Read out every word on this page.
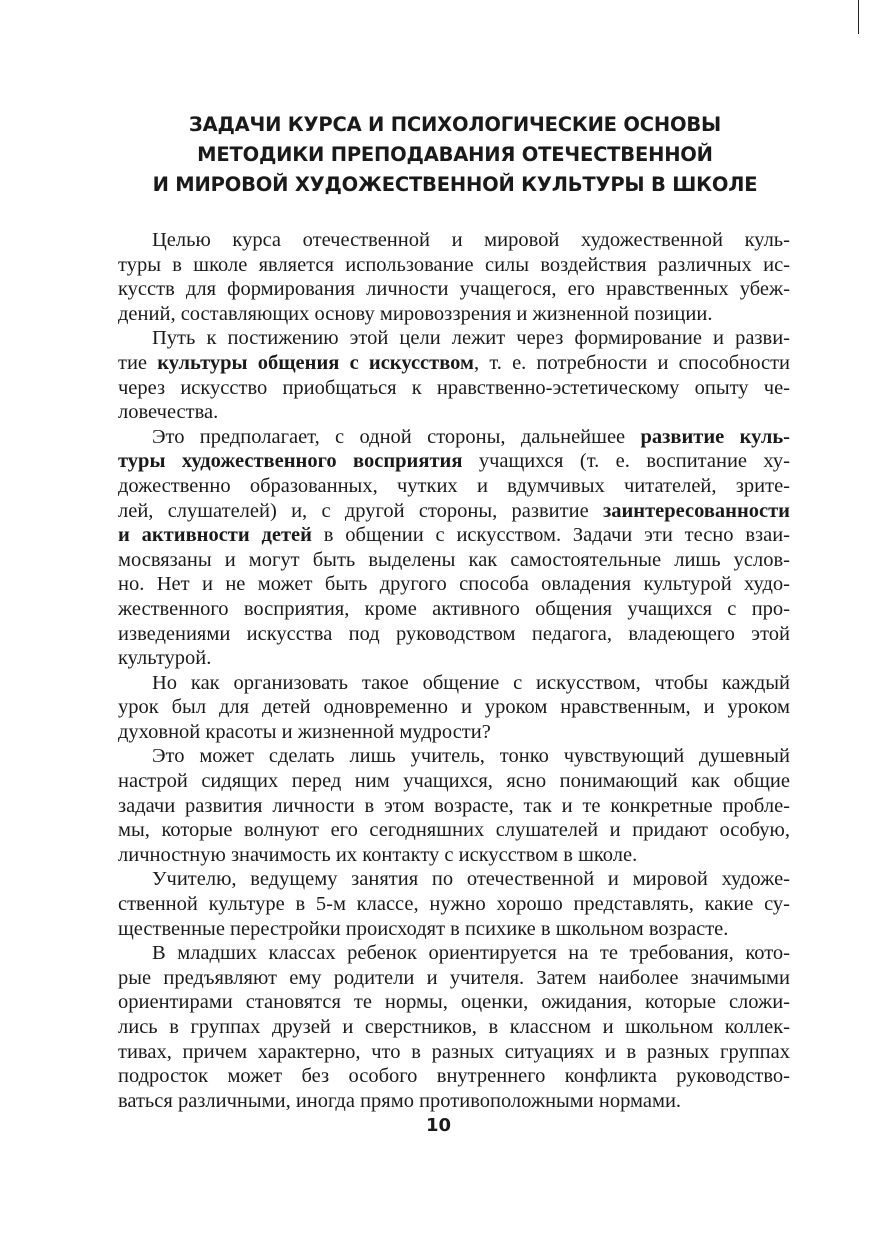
ЗАДАЧИ КУРСА И ПСИХОЛОГИЧЕСКИЕ ОСНОВЫ
МЕТОДИКИ ПРЕПОДАВАНИЯ ОТЕЧЕСТВЕННОЙ
И МИРОВОЙ ХУДОЖЕСТВЕННОЙ КУЛЬТУРЫ В ШКОЛЕ

Целью курса отечественной и мировой художественной куль-
туры в школе является использование силы воздействия различных ис-
кусств для формирования личности учащегося, его нравственных убеж-
дений, составляющих основу мировоззрения и жизненной позиции.

Путь к постижению этой цели лежит через формирование и разви-
тие культуры общения с искусством, т. е. потребности и способности
через искусство приобщаться к нравственно-эстетическому опыту че-
ловечества.

Это предполагает, с одной стороны, дальнейшее развитие куль-
туры художественного восприятия учащихся (т. е. воспитание ху-
дожественно образованных, чутких и вдумчивых читателей, зрите-
лей, слушателей) и, с другой стороны, развитие заинтересованности
и активности детей в общении с искусством. Задачи эти тесно взаи-
мосвязаны и могут быть выделены как самостоятельные лишь услов-
но. Нет и не может быть другого способа овладения культурой худо-
жественного восприятия, кроме активного общения учащихся с про-
изведениями искусства под руководством педагога, владеющего этой
культурой.

Но как организовать такое общение с искусством, чтобы каждый
урок был для детей одновременно и уроком нравственным, и уроком
духовной красоты и жизненной мудрости?

Это может сделать лишь учитель, тонко чувствующий душевный
настрой сидящих перед ним учащихся, ясно понимающий как общие
задачи развития личности в этом возрасте, так и те конкретные пробле-
мы, которые волнуют его сегодняшних слушателей и придают особую,
личностную значимость их контакту с искусством в школе.

Учителю, ведущему занятия по отечественной и мировой художе-
ственной культуре в 5-м классе, нужно хорошо представлять, какие су-
щественные перестройки происходят в психике в школьном возрасте.

В младших классах ребенок ориентируется на те требования, кото-
рые предъявляют ему родители и учителя. Затем наиболее значимыми
ориентирами становятся те нормы, оценки, ожидания, которые сложи-
лись в группах друзей и сверстников, в классном и школьном коллек-
тивах, причем характерно, что в разных ситуациях и в разных группах
подросток может без особого внутреннего конфликта руководство-
ваться различными, иногда прямо противоположными нормами.

10
